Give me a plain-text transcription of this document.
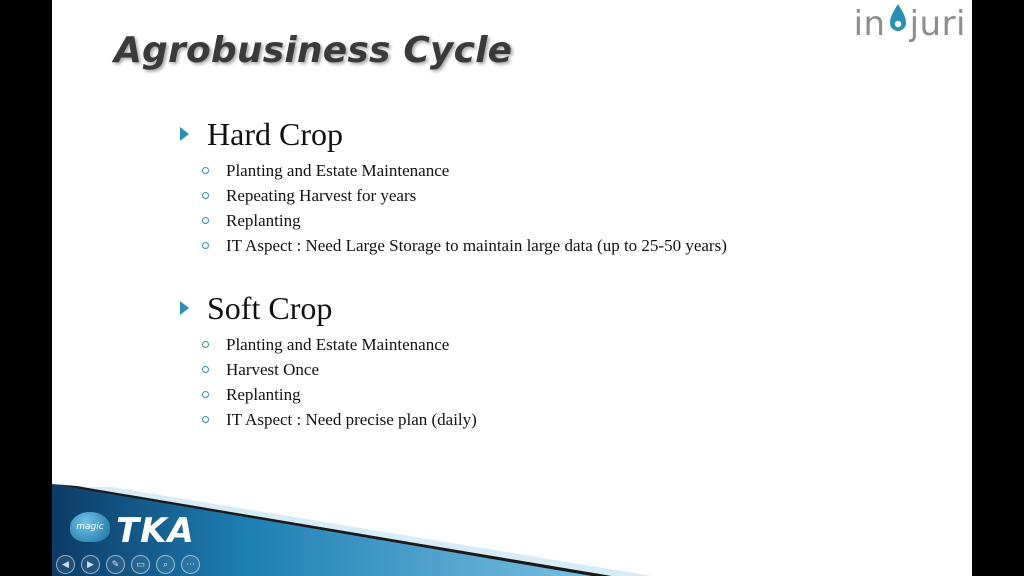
Agrobusiness Cycle
in juri
Hard Crop
Planting and Estate Maintenance
Repeating Harvest for years
Replanting
IT Aspect : Need Large Storage to maintain large data (up to 25-50 years)
Soft Crop
Planting and Estate Maintenance
Harvest Once
Replanting
IT Aspect : Need precise plan (daily)
magic TKA
◀	▶	✎	▭	⌕	⋯
